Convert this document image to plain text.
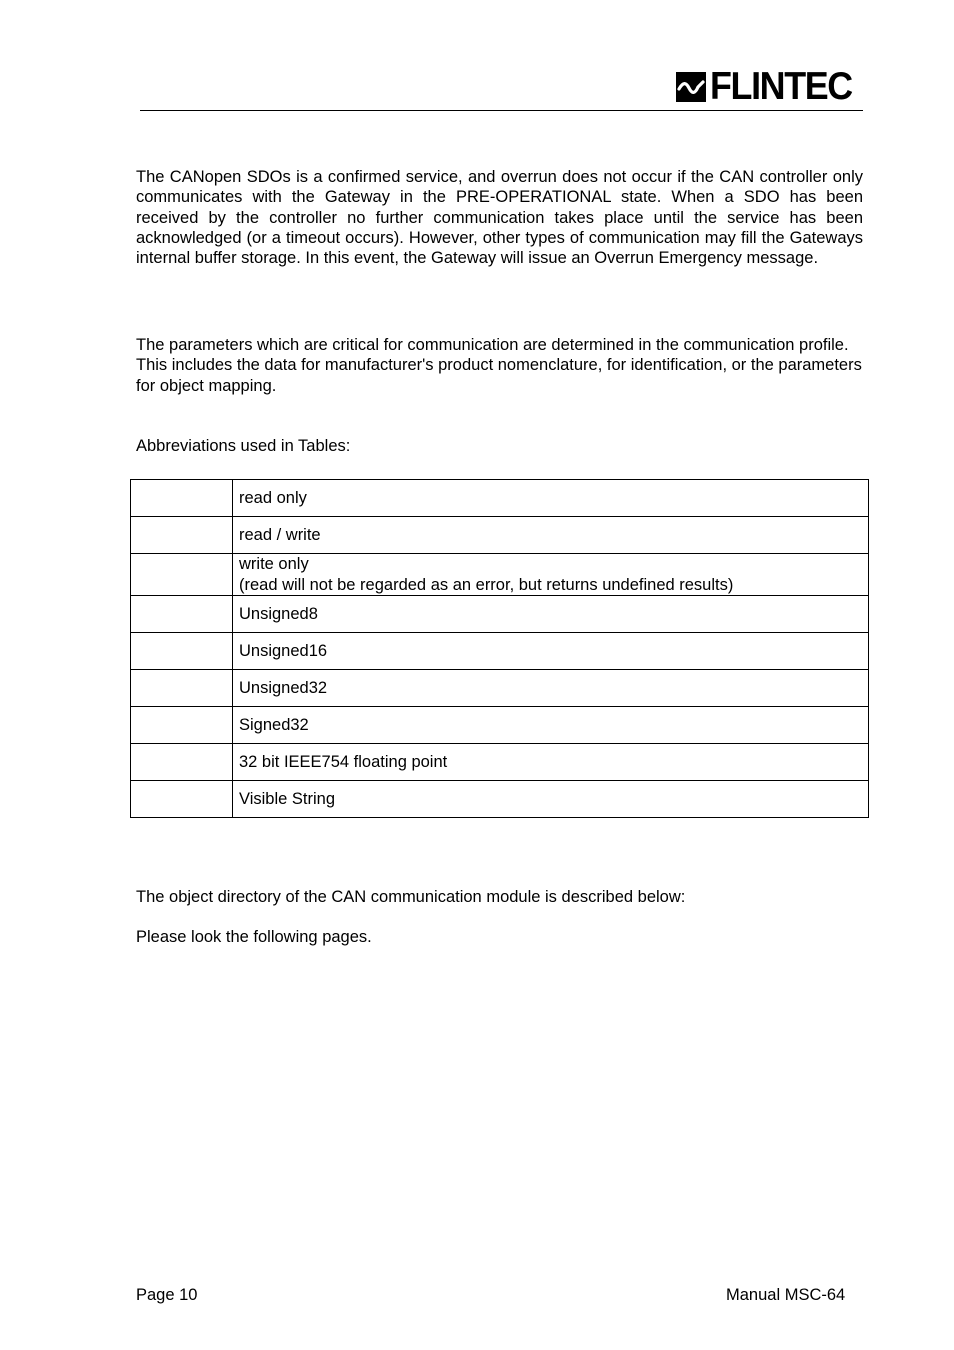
FLINTEC

The CANopen SDOs is a confirmed service, and overrun does not occur if the CAN controller only communicates with the Gateway in the PRE-OPERATIONAL state. When a SDO has been received by the controller no further communication takes place until the service has been acknowledged (or a timeout occurs). However, other types of communication may fill the Gateways internal buffer storage. In this event, the Gateway will issue an Overrun Emergency message.

The parameters which are critical for communication are determined in the communication profile.
This includes the data for manufacturer's product nomenclature, for identification, or the parameters for object mapping.

Abbreviations used in Tables:

	read only
	read / write

	write only
(read will not be regarded as an error, but returns undefined results)

	Unsigned8
	Unsigned16
	Unsigned32
	Signed32
	32 bit IEEE754 floating point
	Visible String

The object directory of the CAN communication module is described below:

Please look the following pages.

Page 10	Manual MSC-64
